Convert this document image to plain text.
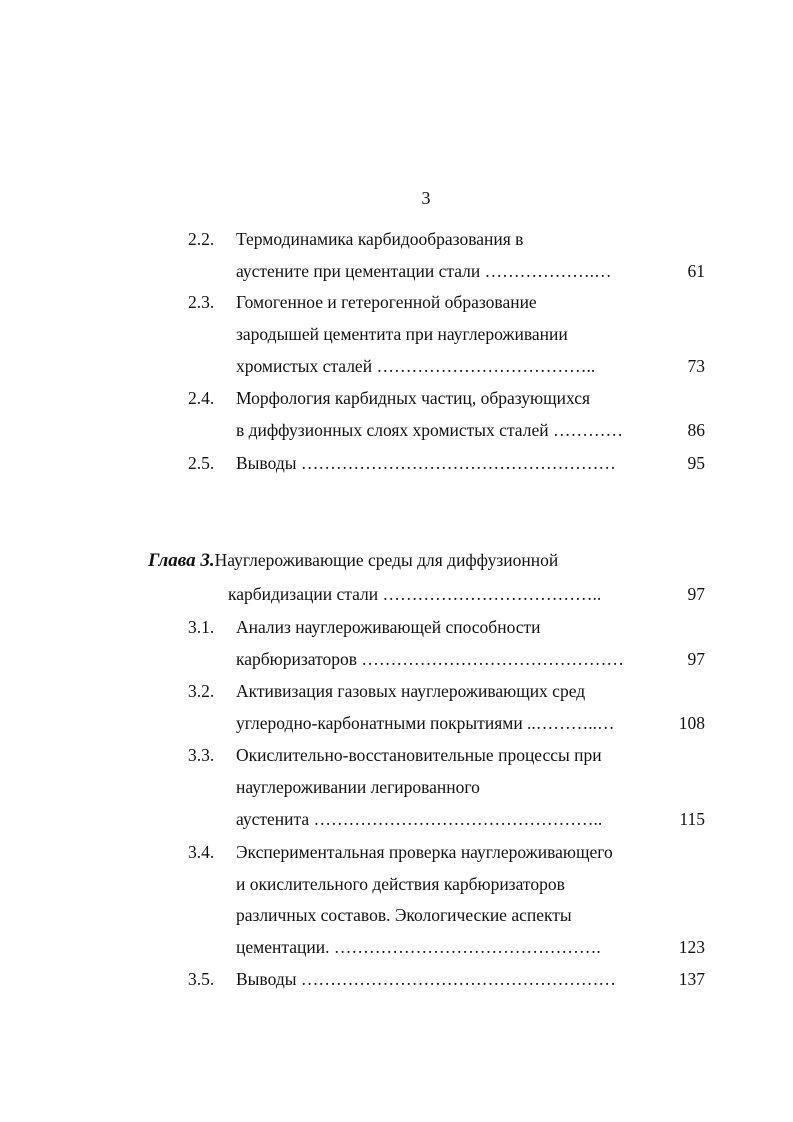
3
2.2. Термодинамика карбидообразования в
аустените при цементации стали ……………….…	61
2.3. Гомогенное и гетерогенной образование
зародышей цементита при науглероживании
хромистых сталей ………………………………..	73
2.4. Морфология карбидных частиц, образующихся
в диффузионных слоях хромистых сталей …………	86
2.5. Выводы ………………………………………………	95
Глава 3.Науглероживающие среды для диффузионной
карбидизации стали ………………………………..	97
3.1. Анализ науглероживающей способности
карбюризаторов ………………………………………	97
3.2. Активизация газовых науглероживающих сред
углеродно-карбонатными покрытиями ..………..…	108
3.3. Окислительно-восстановительные процессы при
науглероживании легированного
аустенита …………………………………………..	115
3.4. Экспериментальная проверка науглероживающего
и окислительного действия карбюризаторов
различных составов. Экологические аспекты
цементации. ……………………………………….	123
3.5. Выводы ………………………………………………	137
